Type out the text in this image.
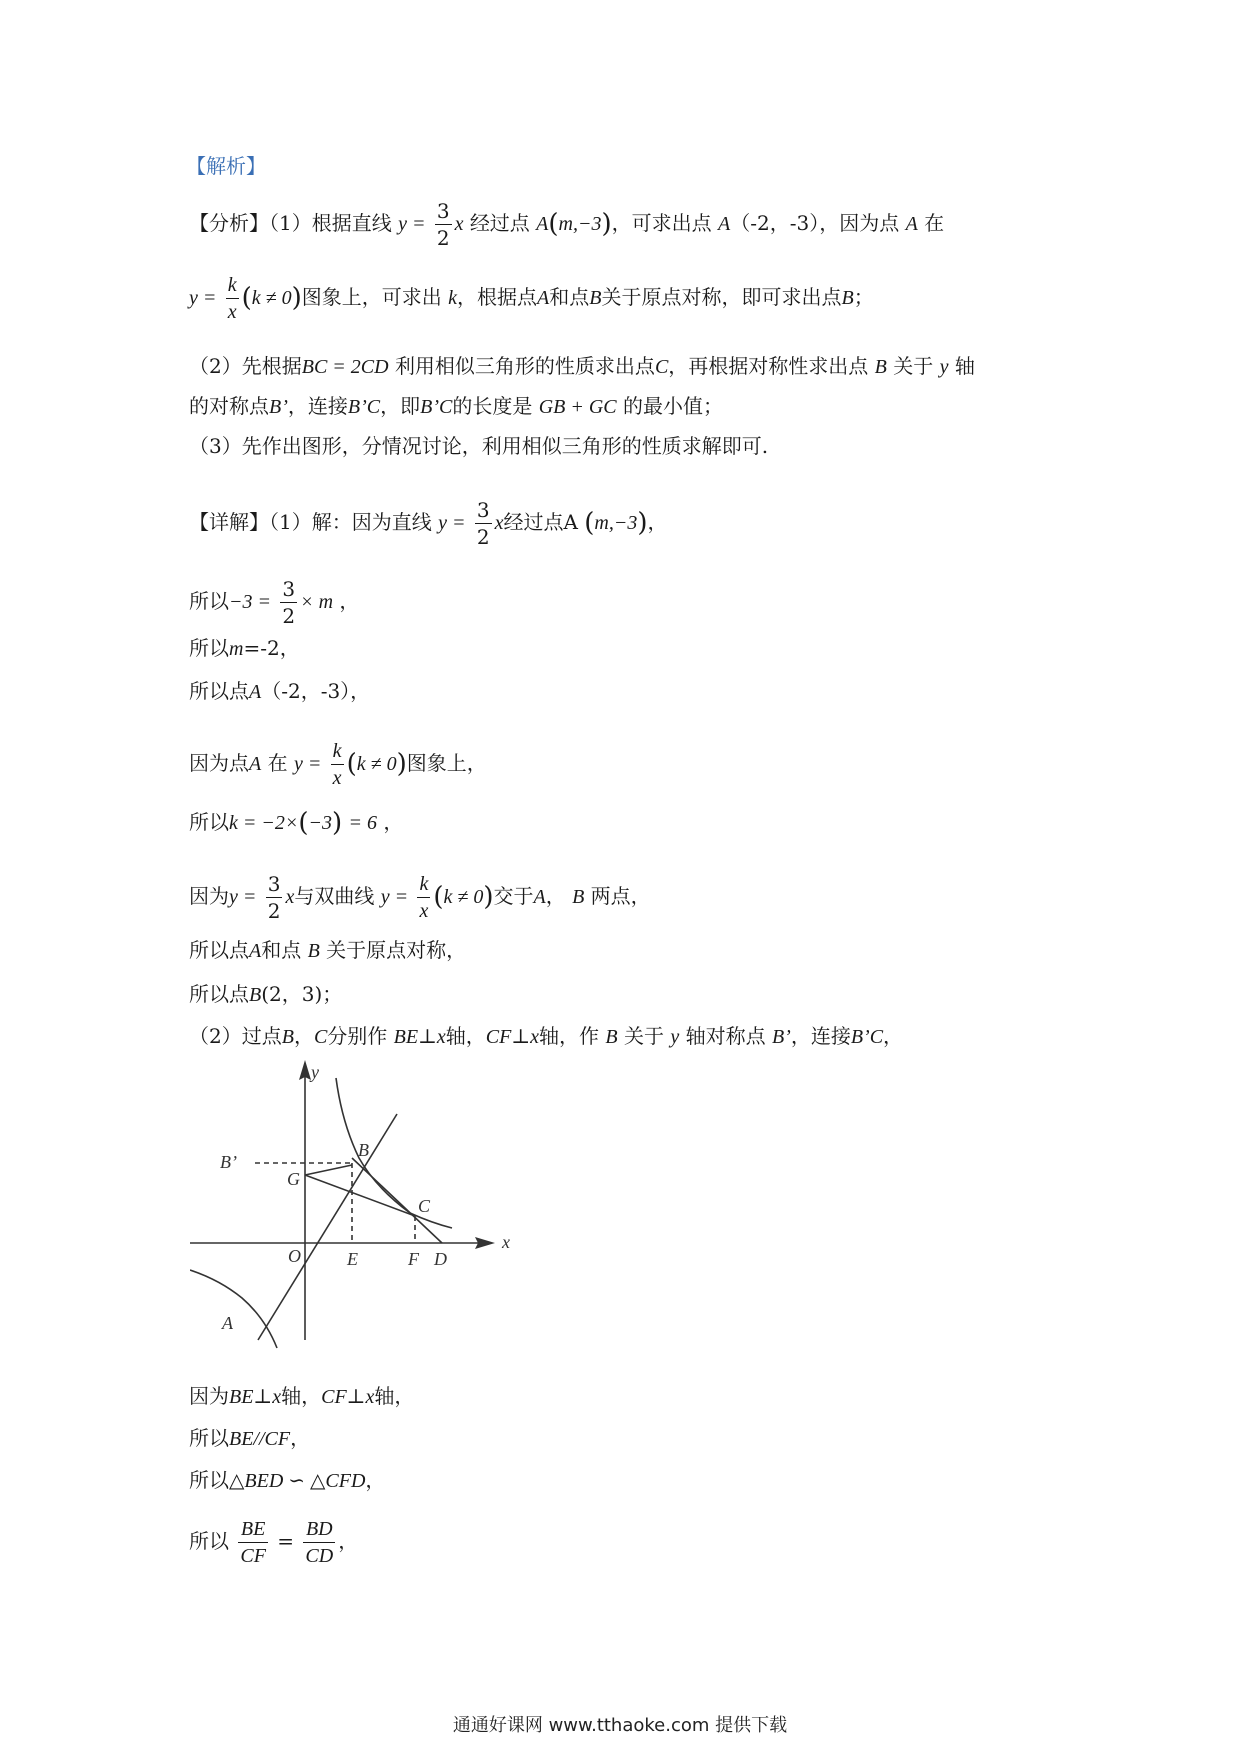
【解析】
【分析】（1）根据直线 $y = \frac{3}{2}$ x 经过点 A(m,−3)，可求出点 A（-2，-3），因为点 A 在
$y = \frac{k}{x} (k \ne 0)$图象上，可求出 k，根据点A和点B关于原点对称，即可求出点B；
（2）先根据BC = 2CD 利用相似三角形的性质求出点C，再根据对称性求出点 B 关于 y 轴
的对称点B’，连接B’C，即B’C的长度是 GB + GC 的最小值；
（3）先作出图形，分情况讨论，利用相似三角形的性质求解即可.
【详解】（1）解：因为直线 $y = \frac{3}{2}$ x经过点A (m,−3)，
所以$-3 = \frac{3}{2} \times m$ ，
所以m=-2，
所以点A（-2，-3），
因为点A 在 $y = \frac{k}{x} (k \ne 0)$图象上，
所以k = −2×(−3) = 6 ，
因为$y = \frac{3}{2}$ x与双曲线 $y = \frac{k}{x} (k \ne 0)$交于A， B 两点，
所以点A和点 B 关于原点对称，
所以点B(2，3)；
（2）过点B，C分别作 BE⊥x轴，CF⊥x轴，作 B 关于 y 轴对称点 B’，连接B’C，
y
x
O
A
B
B’
G
C
E	F D
因为BE⊥x轴，CF⊥x轴，
所以BE//CF，
所以△BED ∽ △CFD，
所以 $\frac{BE}{CF} = \frac{BD}{CD}$ ，
通通好课网 www.tthaoke.com 提供下载
